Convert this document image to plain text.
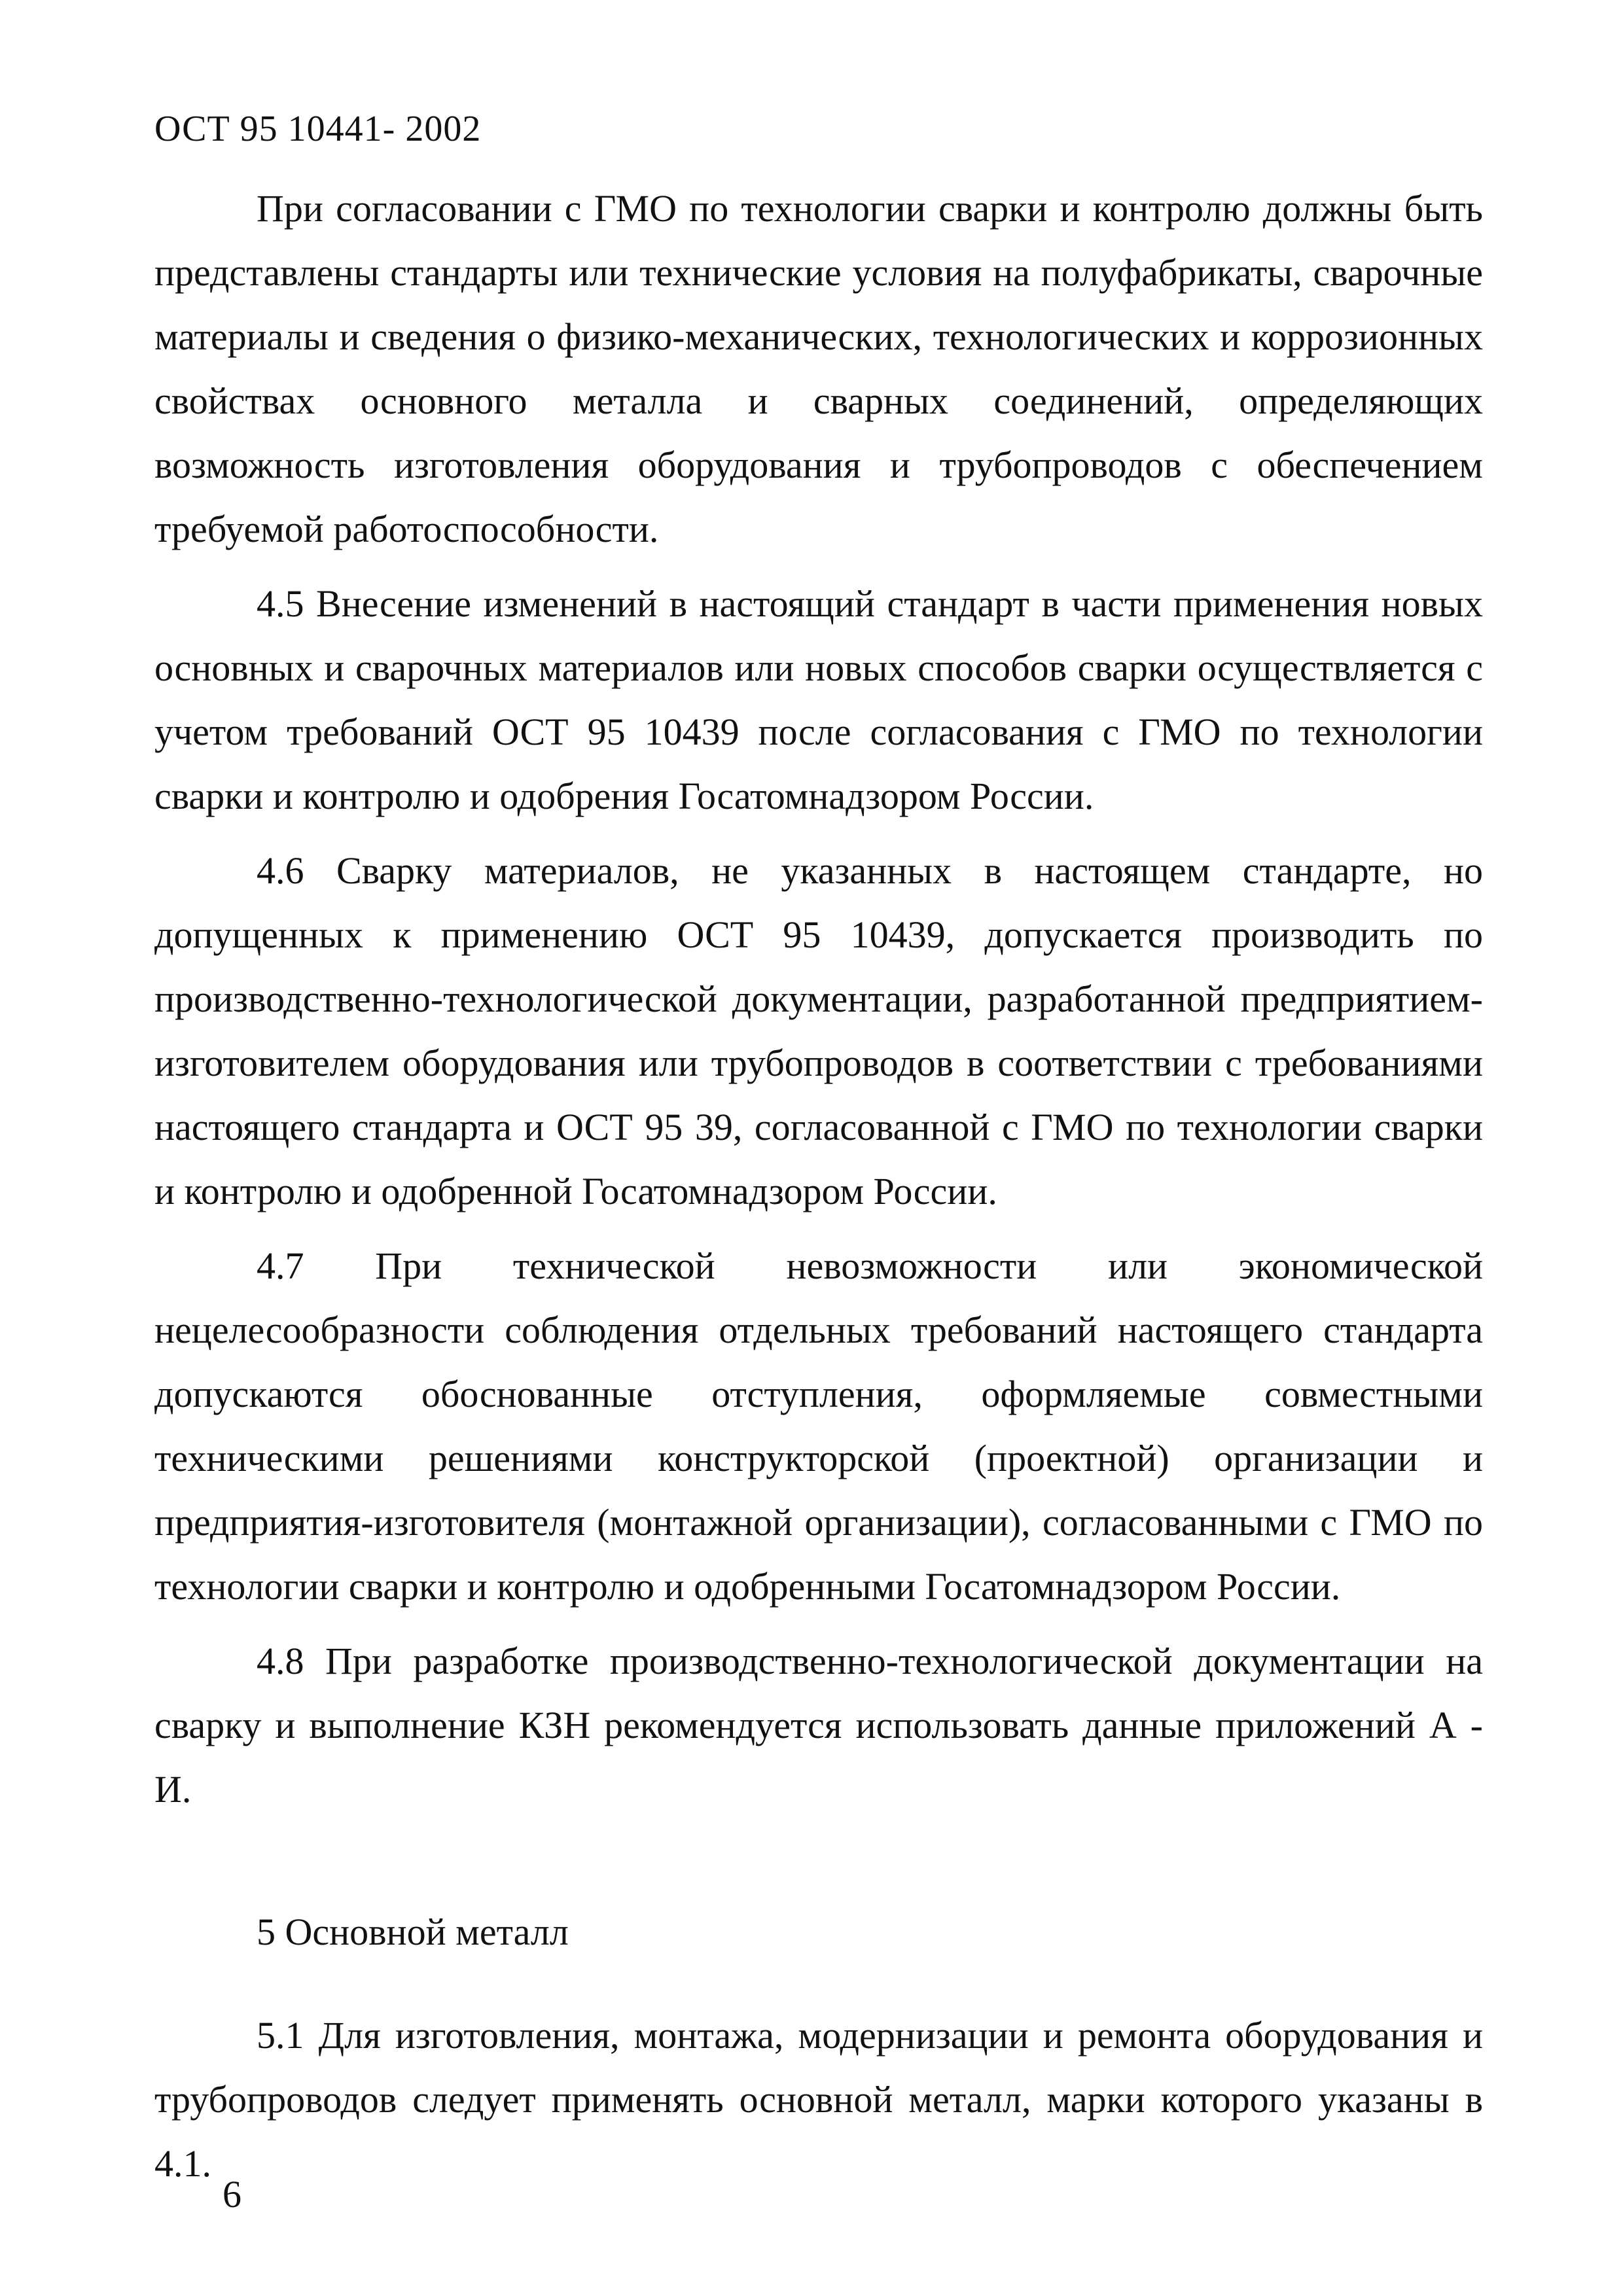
ОСТ 95 10441- 2002

При согласовании с ГМО по технологии сварки и контролю должны быть представлены стандарты или технические условия на полуфабрикаты, сварочные материалы и сведения о физико-механических, технологических и коррозионных свойствах основного металла и сварных соединений, определяющих возможность изготовления оборудования и трубопроводов с обеспечением требуемой работоспособности.

4.5 Внесение изменений в настоящий стандарт в части применения новых основных и сварочных материалов или новых способов сварки осуществляется с учетом требований ОСТ 95 10439 после согласования с ГМО по технологии сварки и контролю и одобрения Госатомнадзором России.

4.6 Сварку материалов, не указанных в настоящем стандарте, но допущенных к применению ОСТ 95 10439, допускается производить по производственно-технологической документации, разработанной предприятием-изготовителем оборудования или трубопроводов в соответствии с требованиями настоящего стандарта и ОСТ 95 39, согласованной с ГМО по технологии сварки и контролю и одобренной Госатомнадзором России.

4.7 При технической невозможности или экономической нецелесообразности соблюдения отдельных требований настоящего стандарта допускаются обоснованные отступления, оформляемые совместными техническими решениями конструкторской (проектной) организации и предприятия-изготовителя (монтажной организации), согласованными с ГМО по технологии сварки и контролю и одобренными Госатомнадзором России.

4.8 При разработке производственно-технологической документации на сварку и выполнение КЗН рекомендуется использовать данные приложений А - И.

5 Основной металл

5.1 Для изготовления, монтажа, модернизации и ремонта оборудования и трубопроводов следует применять основной металл, марки которого указаны в 4.1.

6
